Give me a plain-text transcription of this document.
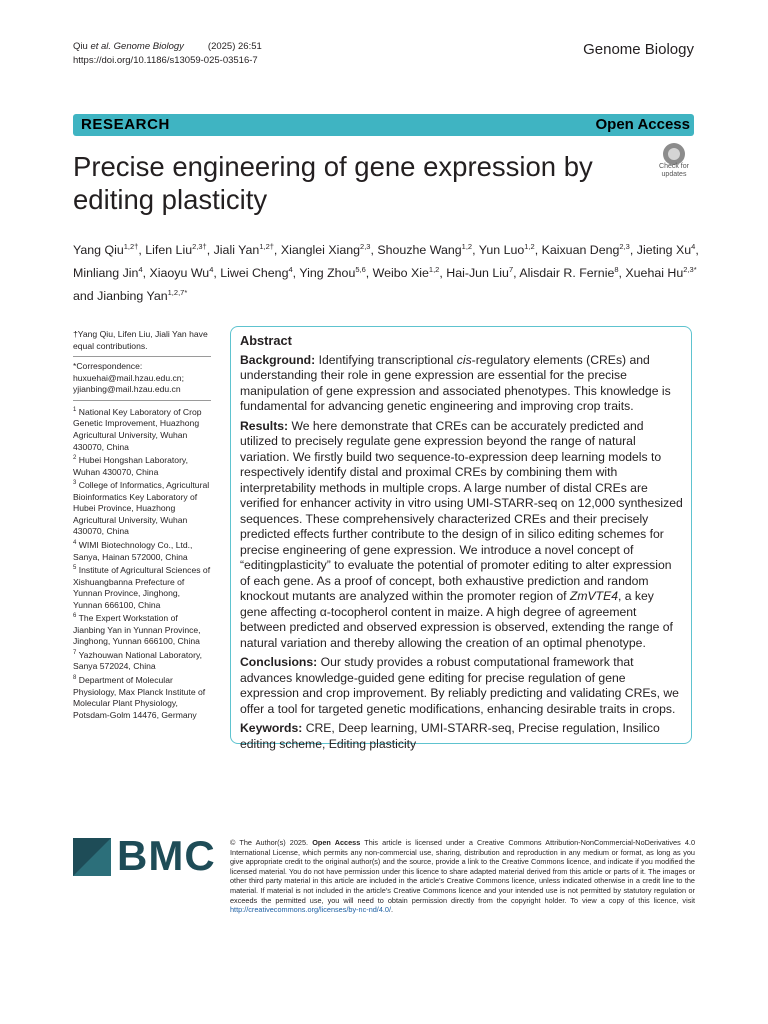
Qiu et al. Genome Biology	(2025) 26:51
https://doi.org/10.1186/s13059-025-03516-7
Genome Biology
RESEARCH	Open Access
Precise engineering of gene expression by editing plasticity
Check for
updates
Yang Qiu$^{1,2\dagger}$, Lifen Liu$^{2,3\dagger}$, Jiali Yan$^{1,2\dagger}$, Xianglei Xiang$^{2,3}$, Shouzhe Wang$^{1,2}$, Yun Luo$^{1,2}$, Kaixuan Deng$^{2,3}$, Jieting Xu$^4$, Minliang Jin$^4$, Xiaoyu Wu$^4$, Liwei Cheng$^4$, Ying Zhou$^{5,6}$, Weibo Xie$^{1,2}$, Hai-Jun Liu$^7$, Alisdair R. Fernie$^8$, Xuehai $Hu^{2,3*}$ and Jianbing Yan$^{1,2,7*}$
†Yang Qiu, Lifen Liu, Jiali Yan have equal contributions.
*Correspondence:
huxuehai@mail.hzau.edu.cn;
yjianbing@mail.hzau.edu.cn
$^1$ National Key Laboratory of Crop Genetic Improvement, Huazhong Agricultural University, Wuhan 430070, China
$^2$ Hubei Hongshan Laboratory, Wuhan 430070, China
$^3$ College of Informatics, Agricultural Bioinformatics Key Laboratory of Hubei Province, Huazhong Agricultural University, Wuhan 430070, China
$^4$ WIMI Biotechnology Co., Ltd., Sanya, Hainan 572000, China
$^5$ Institute of Agricultural Sciences of Xishuangbanna Prefecture of Yunnan Province, Jinghong, Yunnan 666100, China
$^6$ The Expert Workstation of Jianbing Yan in Yunnan Province, Jinghong, Yunnan 666100, China
$^7$ Yazhouwan National Laboratory, Sanya 572024, China
$^8$ Department of Molecular Physiology, Max Planck Institute of Molecular Plant Physiology, Potsdam-Golm 14476, Germany
Abstract

Background: Identifying transcriptional cis-regulatory elements (CREs) and understanding their role in gene expression are essential for the precise manipulation of gene expression and associated phenotypes. This knowledge is fundamental for advancing genetic engineering and improving crop traits.

Results: We here demonstrate that CREs can be accurately predicted and utilized to precisely regulate gene expression beyond the range of natural variation. We firstly build two sequence-to-expression deep learning models to respectively identify distal and proximal CREs by combining them with interpretability methods in multiple crops. A large number of distal CREs are verified for enhancer activity in vitro using UMI-STARR-seq on 12,000 synthesized sequences. These comprehensively characterized CREs and their precisely predicted effects further contribute to the design of in silico editing schemes for precise engineering of gene expression. We introduce a novel concept of “editingplasticity” to evaluate the potential of promoter editing to alter expression of each gene. As a proof of concept, both exhaustive prediction and random knockout mutants are analyzed within the promoter region of ZmVTE4, a key gene affecting α-tocopherol content in maize. A high degree of agreement between predicted and observed expression is observed, extending the range of natural variation and thereby allowing the creation of an optimal phenotype.

Conclusions: Our study provides a robust computational framework that advances knowledge-guided gene editing for precise regulation of gene expression and crop improvement. By reliably predicting and validating CREs, we offer a tool for targeted genetic modifications, enhancing desirable traits in crops.

Keywords: CRE, Deep learning, UMI-STARR-seq, Precise regulation, Insilico editing scheme, Editing plasticity

BMC © The Author(s) 2025. Open Access This article is licensed under a Creative Commons Attribution-NonCommercial-NoDerivatives 4.0 International License, which permits any non-commercial use, sharing, distribution and reproduction in any medium or format, as long as you give appropriate credit to the original author(s) and the source, provide a link to the Creative Commons licence, and indicate if you modified the licensed material. You do not have permission under this licence to share adapted material derived from this article or parts of it. The images or other third party material in this article are included in the article’s Creative Commons licence, unless indicated otherwise in a credit line to the material. If material is not included in the article’s Creative Commons licence and your intended use is not permitted by statutory regulation or exceeds the permitted use, you will need to obtain permission directly from the copyright holder. To view a copy of this licence, visit http://creativecommons.org/licenses/by-nc-nd/4.0/.
